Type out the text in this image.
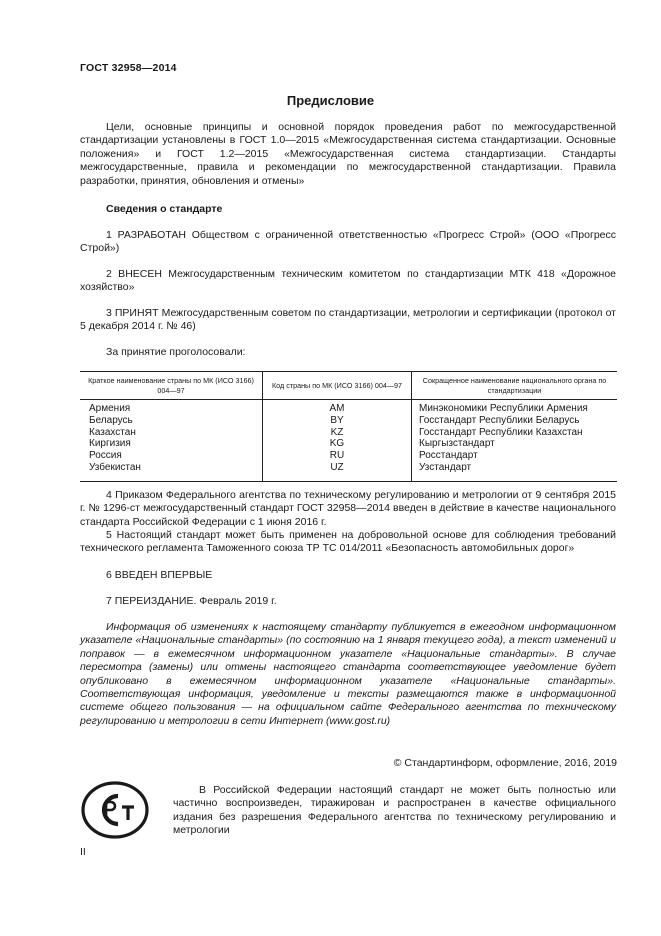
ГОСТ 32958—2014
Предисловие
Цели, основные принципы и основной порядок проведения работ по межгосударственной стандартизации установлены в ГОСТ 1.0—2015 «Межгосударственная система стандартизации. Основные положения» и ГОСТ 1.2—2015 «Межгосударственная система стандартизации. Стандарты межгосударственные, правила и рекомендации по межгосударственной стандартизации. Правила разработки, принятия, обновления и отмены»
Сведения о стандарте
1 РАЗРАБОТАН Обществом с ограниченной ответственностью «Прогресс Строй» (ООО «Прогресс Строй»)
2 ВНЕСЕН Межгосударственным техническим комитетом по стандартизации МТК 418 «Дорожное хозяйство»
3 ПРИНЯТ Межгосударственным советом по стандартизации, метрологии и сертификации (протокол от 5 декабря 2014 г. № 46)
За принятие проголосовали:
Краткое наименование страны по МК (ИСО 3166) 004—97	Код страны по МК (ИСО 3166) 004—97	Сокращенное наименование национального органа по стандартизации
Армения	AM	Минэкономики Республики Армения
Беларусь	BY	Госстандарт Республики Беларусь
Казахстан	KZ	Госстандарт Республики Казахстан
Киргизия	KG	Кыргызстандарт
Россия	RU	Росстандарт
Узбекистан	UZ	Узстандарт
4 Приказом Федерального агентства по техническому регулированию и метрологии от 9 сентября 2015 г. № 1296-ст межгосударственный стандарт ГОСТ 32958—2014 введен в действие в качестве национального стандарта Российской Федерации с 1 июня 2016 г.
5 Настоящий стандарт может быть применен на добровольной основе для соблюдения требований технического регламента Таможенного союза ТР ТС 014/2011 «Безопасность автомобильных дорог»
6 ВВЕДЕН ВПЕРВЫЕ
7 ПЕРЕИЗДАНИЕ. Февраль 2019 г.
Информация об изменениях к настоящему стандарту публикуется в ежегодном информационном указателе «Национальные стандарты» (по состоянию на 1 января текущего года), а текст изменений и поправок — в ежемесячном информационном указателе «Национальные стандарты». В случае пересмотра (замены) или отмены настоящего стандарта соответствующее уведомление будет опубликовано в ежемесячном информационном указателе «Национальные стандарты». Соответствующая информация, уведомление и тексты размещаются также в информационной системе общего пользования — на официальном сайте Федерального агентства по техническому регулированию и метрологии в сети Интернет (www.gost.ru)
© Стандартинформ, оформление, 2016, 2019
В Российской Федерации настоящий стандарт не может быть полностью или частично воспроизведен, тиражирован и распространен в качестве официального издания без разрешения Федерального агентства по техническому регулированию и метрологии
II
